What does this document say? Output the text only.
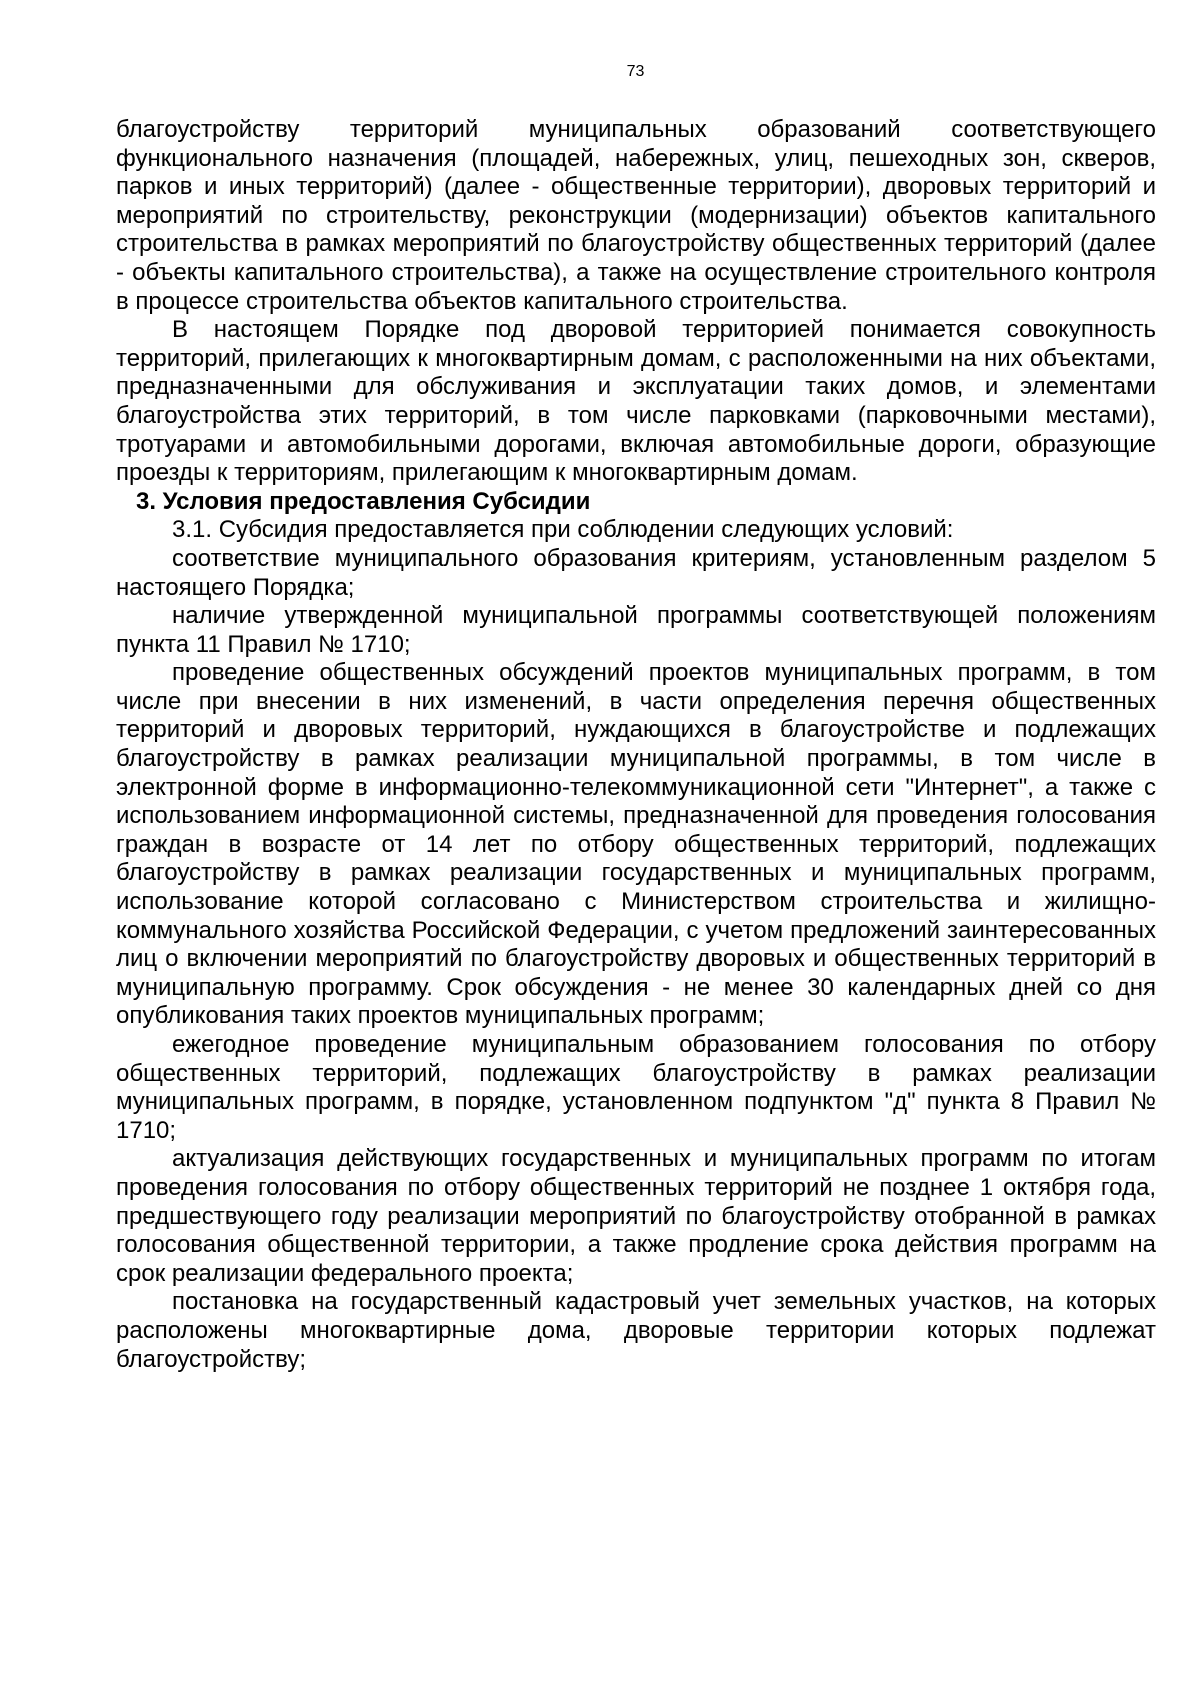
73

благоустройству территорий муниципальных образований соответствующего функционального назначения (площадей, набережных, улиц, пешеходных зон, скверов, парков и иных территорий) (далее - общественные территории), дворовых территорий и мероприятий по строительству, реконструкции (модернизации) объектов капитального строительства в рамках мероприятий по благоустройству общественных территорий (далее - объекты капитального строительства), а также на осуществление строительного контроля в процессе строительства объектов капитального строительства.

В настоящем Порядке под дворовой территорией понимается совокупность территорий, прилегающих к многоквартирным домам, с расположенными на них объектами, предназначенными для обслуживания и эксплуатации таких домов, и элементами благоустройства этих территорий, в том числе парковками (парковочными местами), тротуарами и автомобильными дорогами, включая автомобильные дороги, образующие проезды к территориям, прилегающим к многоквартирным домам.

3. Условия предоставления Субсидии

3.1. Субсидия предоставляется при соблюдении следующих условий:

соответствие муниципального образования критериям, установленным разделом 5 настоящего Порядка;

наличие утвержденной муниципальной программы соответствующей положениям пункта 11 Правил № 1710;

проведение общественных обсуждений проектов муниципальных программ, в том числе при внесении в них изменений, в части определения перечня общественных территорий и дворовых территорий, нуждающихся в благоустройстве и подлежащих благоустройству в рамках реализации муниципальной программы, в том числе в электронной форме в информационно-телекоммуникационной сети "Интернет", а также с использованием информационной системы, предназначенной для проведения голосования граждан в возрасте от 14 лет по отбору общественных территорий, подлежащих благоустройству в рамках реализации государственных и муниципальных программ, использование которой согласовано с Министерством строительства и жилищно-коммунального хозяйства Российской Федерации, с учетом предложений заинтересованных лиц о включении мероприятий по благоустройству дворовых и общественных территорий в муниципальную программу. Срок обсуждения - не менее 30 календарных дней со дня опубликования таких проектов муниципальных программ;

ежегодное проведение муниципальным образованием голосования по отбору общественных территорий, подлежащих благоустройству в рамках реализации муниципальных программ, в порядке, установленном подпунктом "д" пункта 8 Правил № 1710;

актуализация действующих государственных и муниципальных программ по итогам проведения голосования по отбору общественных территорий не позднее 1 октября года, предшествующего году реализации мероприятий по благоустройству отобранной в рамках голосования общественной территории, а также продление срока действия программ на срок реализации федерального проекта;

постановка на государственный кадастровый учет земельных участков, на которых расположены многоквартирные дома, дворовые территории которых подлежат благоустройству;
